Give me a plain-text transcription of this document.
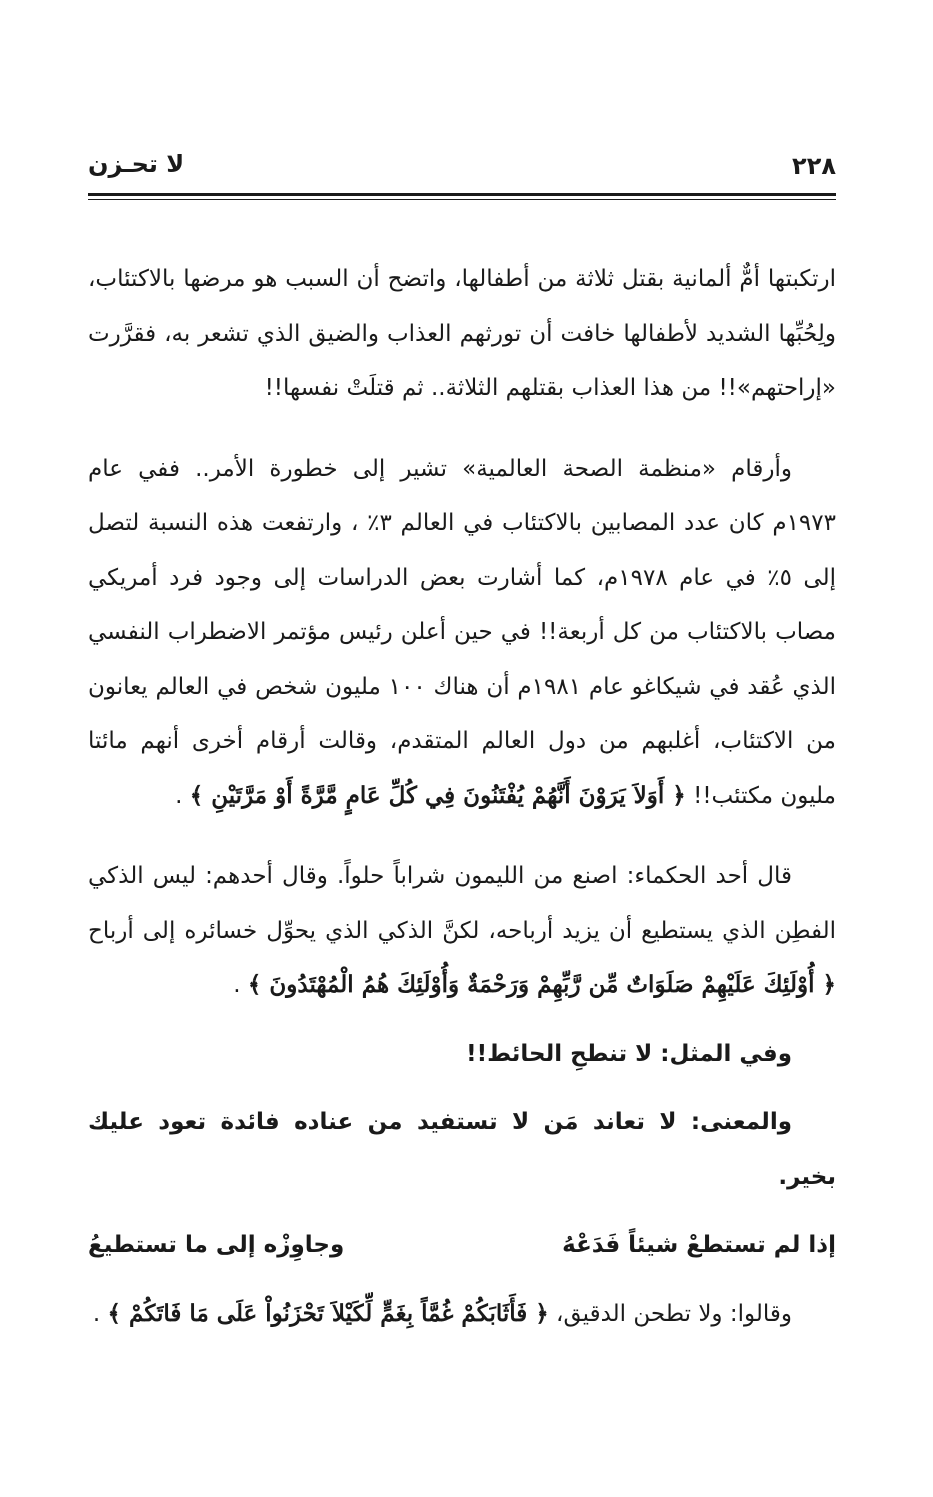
٢٢٨
لا تحـزن

ارتكبتها أمٌّ ألمانية بقتل ثلاثة من أطفالها، واتضح أن السبب هو مرضها بالاكتئاب، ولِحُبِّها الشديد لأطفالها خافت أن تورثهم العذاب والضيق الذي تشعر به، فقرَّرت «إراحتهم»!! من هذا العذاب بقتلهم الثلاثة.. ثم قتلَتْ نفسها!!

وأرقام «منظمة الصحة العالمية» تشير إلى خطورة الأمر.. ففي عام ١٩٧٣م كان عدد المصابين بالاكتئاب في العالم ٣٪ ، وارتفعت هذه النسبة لتصل إلى ٥٪ في عام ١٩٧٨م، كما أشارت بعض الدراسات إلى وجود فرد أمريكي مصاب بالاكتئاب من كل أربعة!! في حين أعلن رئيس مؤتمر الاضطراب النفسي الذي عُقد في شيكاغو عام ١٩٨١م أن هناك ١٠٠ مليون شخص في العالم يعانون من الاكتئاب، أغلبهم من دول العالم المتقدم، وقالت أرقام أخرى أنهم مائتا مليون مكتئب!! ﴿ أَوَلاَ يَرَوْنَ أَنَّهُمْ يُفْتَنُونَ فِي كُلِّ عَامٍ مَّرَّةً أَوْ مَرَّتَيْنِ ﴾ .

قال أحد الحكماء: اصنع من الليمون شراباً حلواً. وقال أحدهم: ليس الذكي الفطِن الذي يستطيع أن يزيد أرباحه، لكنَّ الذكي الذي يحوِّل خسائره إلى أرباح ﴿ أُوْلَئِكَ عَلَيْهِمْ صَلَوَاتٌ مِّن رَّبِّهِمْ وَرَحْمَةٌ وَأُوْلَئِكَ هُمُ الْمُهْتَدُونَ ﴾ .

وفي المثل: لا تنطحِ الحائط!!

والمعنى: لا تعاند مَن لا تستفيد من عناده فائدة تعود عليك بخير.

إذا لم تستطعْ شيئاً فَدَعْهُ
وجاوِزْه إلى ما تستطيعُ

وقالوا: ولا تطحن الدقيق، ﴿ فَأَثَابَكُمْ غُمَّاً بِغَمٍّ لِّكَيْلاَ تَحْزَنُواْ عَلَى مَا فَاتَكُمْ ﴾ .
